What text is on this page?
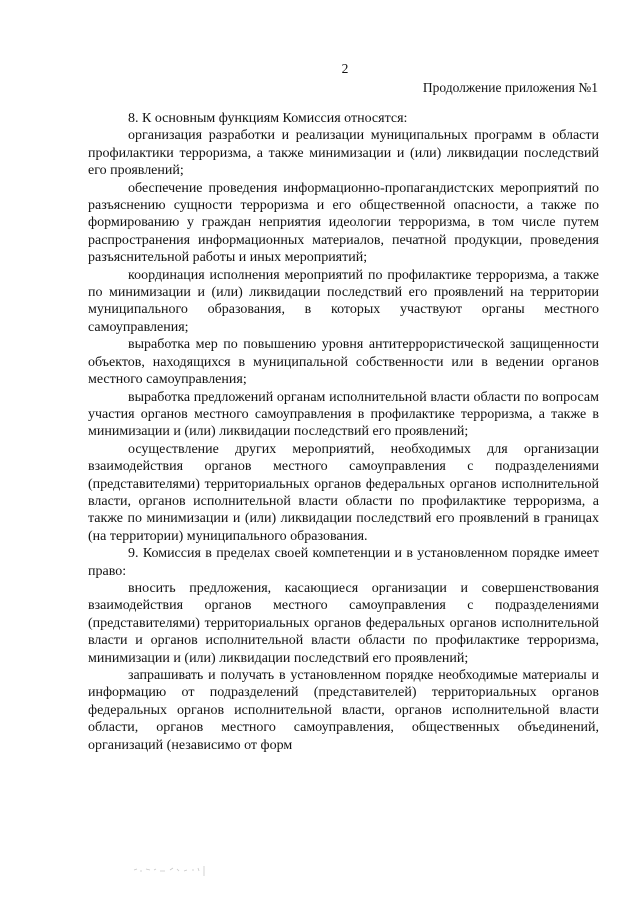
2
Продолжение приложения №1

8. К основным функциям Комиссия относятся:

организация разработки и реализации муниципальных программ в области профилактики терроризма, а также минимизации и (или) ликвидации последствий его проявлений;

обеспечение проведения информационно-пропагандистских мероприятий по разъяснению сущности терроризма и его общественной опасности, а также по формированию у граждан неприятия идеологии терроризма, в том числе путем распространения информационных материалов, печатной продукции, проведения разъяснительной работы и иных мероприятий;

координация исполнения мероприятий по профилактике терроризма, а также по минимизации и (или) ликвидации последствий его проявлений на территории муниципального образования, в которых участвуют органы местного самоуправления;

выработка мер по повышению уровня антитеррористической защищенности объектов, находящихся в муниципальной собственности или в ведении органов местного самоуправления;

выработка предложений органам исполнительной власти области по вопросам участия органов местного самоуправления в профилактике терроризма, а также в минимизации и (или) ликвидации последствий его проявлений;

осуществление других мероприятий, необходимых для организации взаимодействия органов местного самоуправления с подразделениями (представителями) территориальных органов федеральных органов исполнительной власти, органов исполнительной власти области по профилактике терроризма, а также по минимизации и (или) ликвидации последствий его проявлений в границах (на территории) муниципального образования.

9. Комиссия в пределах своей компетенции и в установленном порядке имеет право:

вносить предложения, касающиеся организации и совершенствования взаимодействия органов местного самоуправления с подразделениями (представителями) территориальных органов федеральных органов исполнительной власти и органов исполнительной власти области по профилактике терроризма, минимизации и (или) ликвидации последствий его проявлений;

запрашивать и получать в установленном порядке необходимые материалы и информацию от подразделений (представителей) территориальных органов федеральных органов исполнительной власти, органов исполнительной власти области, органов местного самоуправления, общественных объединений, организаций (независимо от форм
